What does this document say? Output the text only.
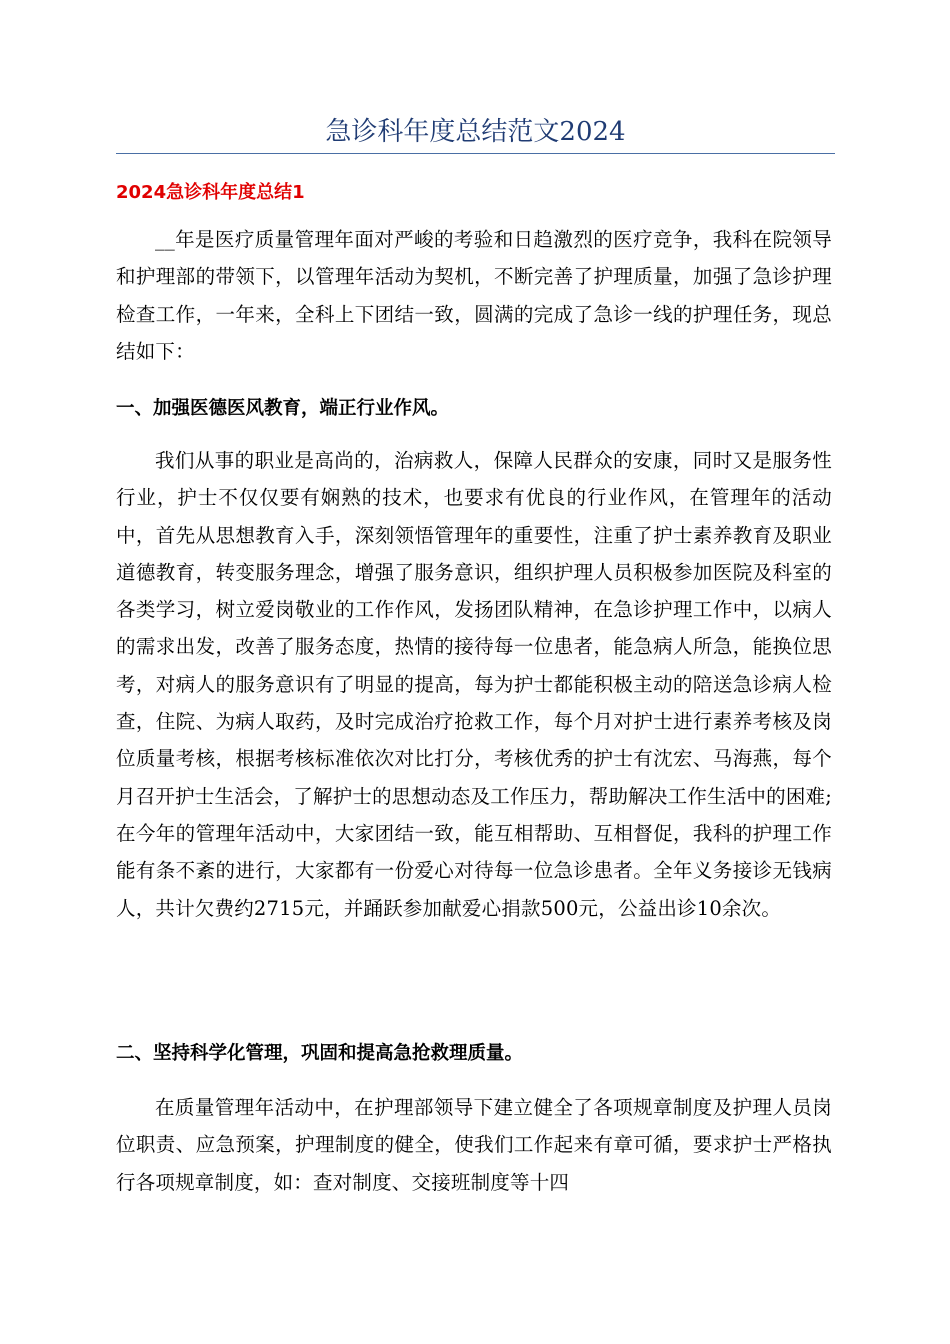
急诊科年度总结范文2024
2024急诊科年度总结1

__年是医疗质量管理年面对严峻的考验和日趋激烈的医疗竞争，我科在院领导和护理部的带领下，以管理年活动为契机，不断完善了护理质量，加强了急诊护理检查工作，一年来，全科上下团结一致，圆满的完成了急诊一线的护理任务，现总结如下：

一、加强医德医风教育，端正行业作风。

我们从事的职业是高尚的，治病救人，保障人民群众的安康，同时又是服务性行业，护士不仅仅要有娴熟的技术，也要求有优良的行业作风，在管理年的活动中，首先从思想教育入手，深刻领悟管理年的重要性，注重了护士素养教育及职业道德教育，转变服务理念，增强了服务意识，组织护理人员积极参加医院及科室的各类学习，树立爱岗敬业的工作作风，发扬团队精神，在急诊护理工作中，以病人的需求出发，改善了服务态度，热情的接待每一位患者，能急病人所急，能换位思考，对病人的服务意识有了明显的提高，每为护士都能积极主动的陪送急诊病人检查，住院、为病人取药，及时完成治疗抢救工作，每个月对护士进行素养考核及岗位质量考核，根据考核标准依次对比打分，考核优秀的护士有沈宏、马海燕，每个月召开护士生活会，了解护士的思想动态及工作压力，帮助解决工作生活中的困难;在今年的管理年活动中，大家团结一致，能互相帮助、互相督促，我科的护理工作能有条不紊的进行，大家都有一份爱心对待每一位急诊患者。全年义务接诊无钱病人，共计欠费约2715元，并踊跃参加献爱心捐款500元，公益出诊10余次。

二、坚持科学化管理，巩固和提高急抢救理质量。

在质量管理年活动中，在护理部领导下建立健全了各项规章制度及护理人员岗位职责、应急预案，护理制度的健全，使我们工作起来有章可循，要求护士严格执行各项规章制度，如：查对制度、交接班制度等十四
